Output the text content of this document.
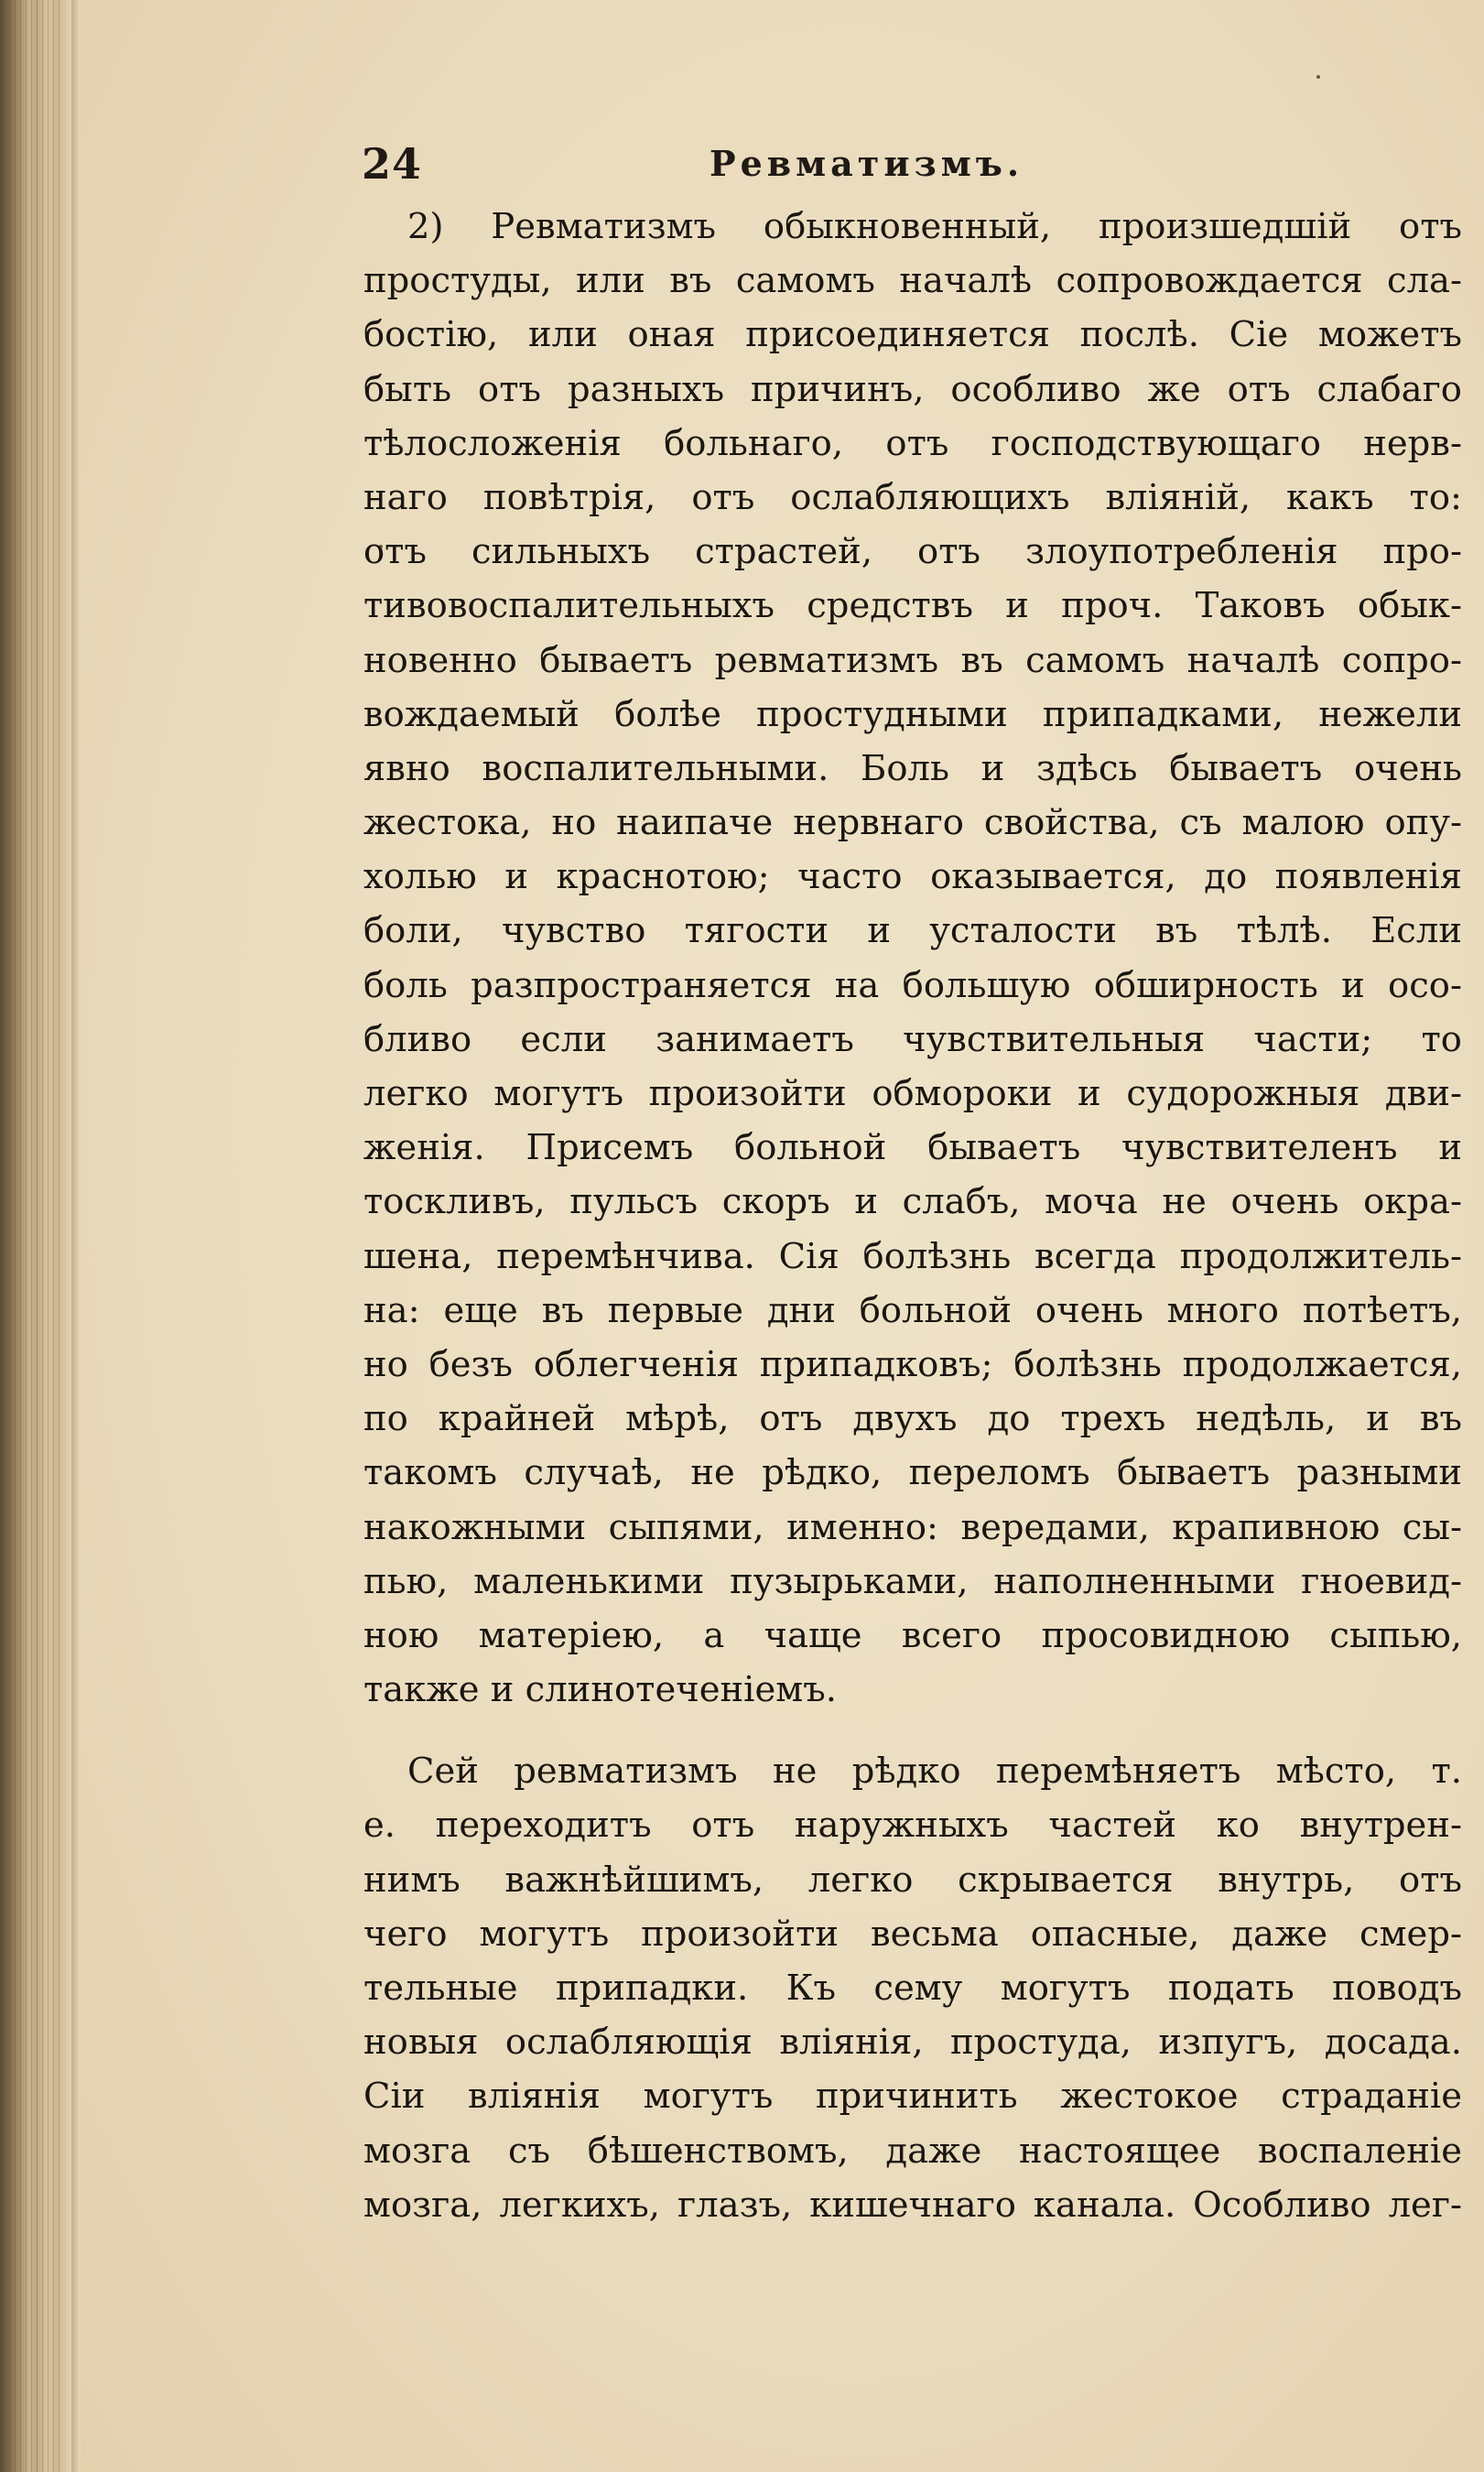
24	Ревматизмъ.
2) Ревматизмъ обыкновенный, произшедшій отъ
простуды, или въ самомъ началѣ сопровождается сла‑
бостію, или оная присоединяется послѣ. Сіе можетъ
быть отъ разныхъ причинъ, особливо же отъ слабаго
тѣлосложенія больнаго, отъ господствующаго нерв‑
наго повѣтрія, отъ ослабляющихъ вліяній, какъ то:
отъ сильныхъ страстей, отъ злоупотребленія про‑
тивовоспалительныхъ средствъ и проч. Таковъ обык‑
новенно бываетъ ревматизмъ въ самомъ началѣ сопро‑
вождаемый болѣе простудными припадками, нежели
явно воспалительными. Боль и здѣсь бываетъ очень
жестока, но наипаче нервнаго свойства, съ малою опу‑
холью и краснотою; часто оказывается, до появленія
боли, чувство тягости и усталости въ тѣлѣ. Если
боль разпространяется на большую обширность и осо‑
бливо если занимаетъ чувствительныя части; то
легко могутъ произойти обмороки и судорожныя дви‑
женія. Присемъ больной бываетъ чувствителенъ и
тоскливъ, пульсъ скоръ и слабъ, моча не очень окра‑
шена, перемѣнчива. Сія болѣзнь всегда продолжитель‑
на: еще въ первые дни больной очень много потѣетъ,
но безъ облегченія припадковъ; болѣзнь продолжается,
по крайней мѣрѣ, отъ двухъ до трехъ недѣль, и въ
такомъ случаѣ, не рѣдко, переломъ бываетъ разными
накожными сыпями, именно: вередами, крапивною сы‑
пью, маленькими пузырьками, наполненными гноевид‑
ною матеріею, а чаще всего просовидною сыпью,
также и слинотеченіемъ.
Сей ревматизмъ не рѣдко перемѣняетъ мѣсто, т.
е. переходитъ отъ наружныхъ частей ко внутрен‑
нимъ важнѣйшимъ, легко скрывается внутрь, отъ
чего могутъ произойти весьма опасные, даже смер‑
тельные припадки. Къ сему могутъ подать поводъ
новыя ослабляющія вліянія, простуда, изпугъ, досада.
Сіи вліянія могутъ причинить жестокое страданіе
мозга съ бѣшенствомъ, даже настоящее воспаленіе
мозга, легкихъ, глазъ, кишечнаго канала. Особливо лег‑
